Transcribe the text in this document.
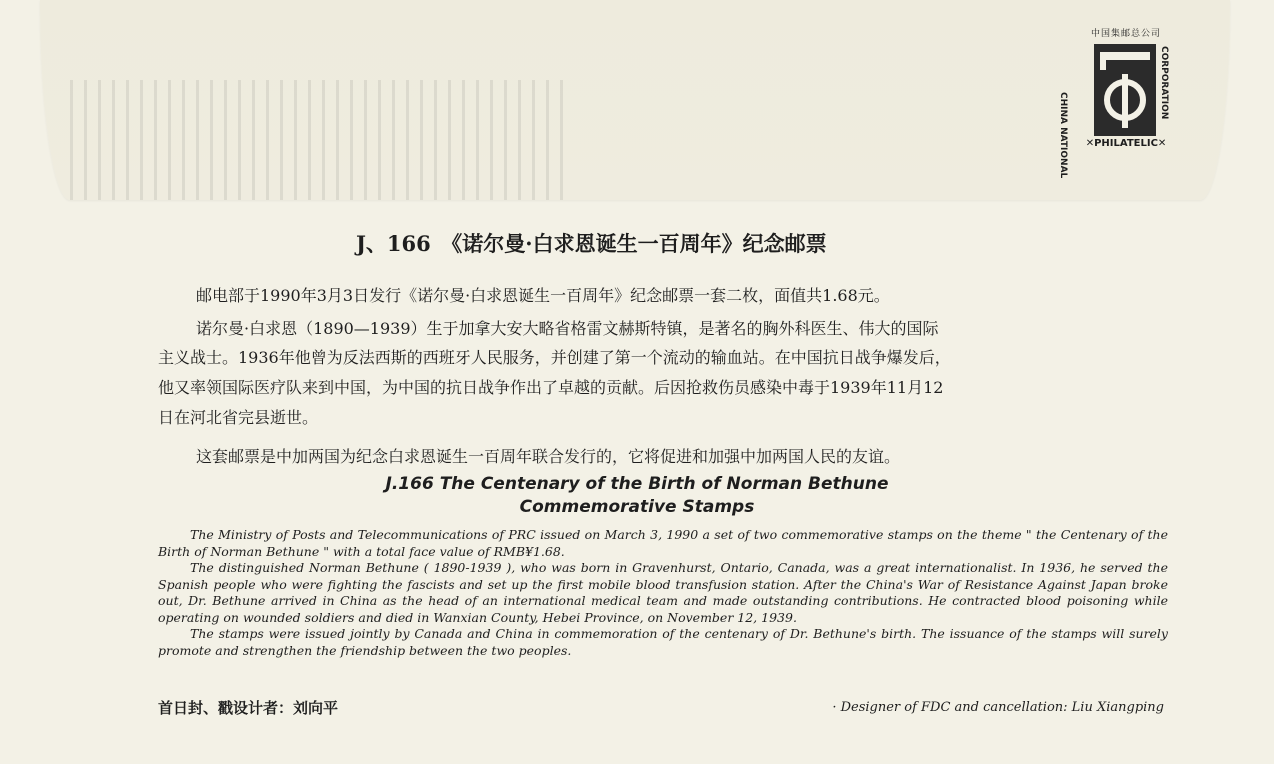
中国集邮总公司
CHINA NATIONAL
CORPORATION
✕PHILATELIC✕
J、166　《诺尔曼·白求恩诞生一百周年》纪念邮票
邮电部于1990年3月3日发行《诺尔曼·白求恩诞生一百周年》纪念邮票一套二枚，面值共1.68元。
诺尔曼·白求恩（1890—1939）生于加拿大安大略省格雷文赫斯特镇，是著名的胸外科医生、伟大的国际
主义战士。1936年他曾为反法西斯的西班牙人民服务，并创建了第一个流动的输血站。在中国抗日战争爆发后，
他又率领国际医疗队来到中国，为中国的抗日战争作出了卓越的贡献。后因抢救伤员感染中毒于1939年11月12
日在河北省完县逝世。
这套邮票是中加两国为纪念白求恩诞生一百周年联合发行的，它将促进和加强中加两国人民的友谊。
J.166 The Centenary of the Birth of Norman Bethune
Commemorative Stamps

The Ministry of Posts and Telecommunications of PRC issued on March 3, 1990 a set of two commemorative stamps on the theme " the Centenary of the Birth of Norman Bethune " with a total face value of RMB¥1.68.

The distinguished Norman Bethune ( 1890-1939 ), who was born in Gravenhurst, Ontario, Canada, was a great internationalist. In 1936, he served the Spanish people who were fighting the fascists and set up the first mobile blood transfusion station. After the China's War of Resistance Against Japan broke out, Dr. Bethune arrived in China as the head of an international medical team and made outstanding contributions. He contracted blood poisoning while operating on wounded soldiers and died in Wanxian County, Hebei Province, on November 12, 1939.

The stamps were issued jointly by Canada and China in commemoration of the centenary of Dr. Bethune's birth. The issuance of the stamps will surely promote and strengthen the friendship between the two peoples.

首日封、戳设计者：刘向平	· Designer of FDC and cancellation: Liu Xiangping
